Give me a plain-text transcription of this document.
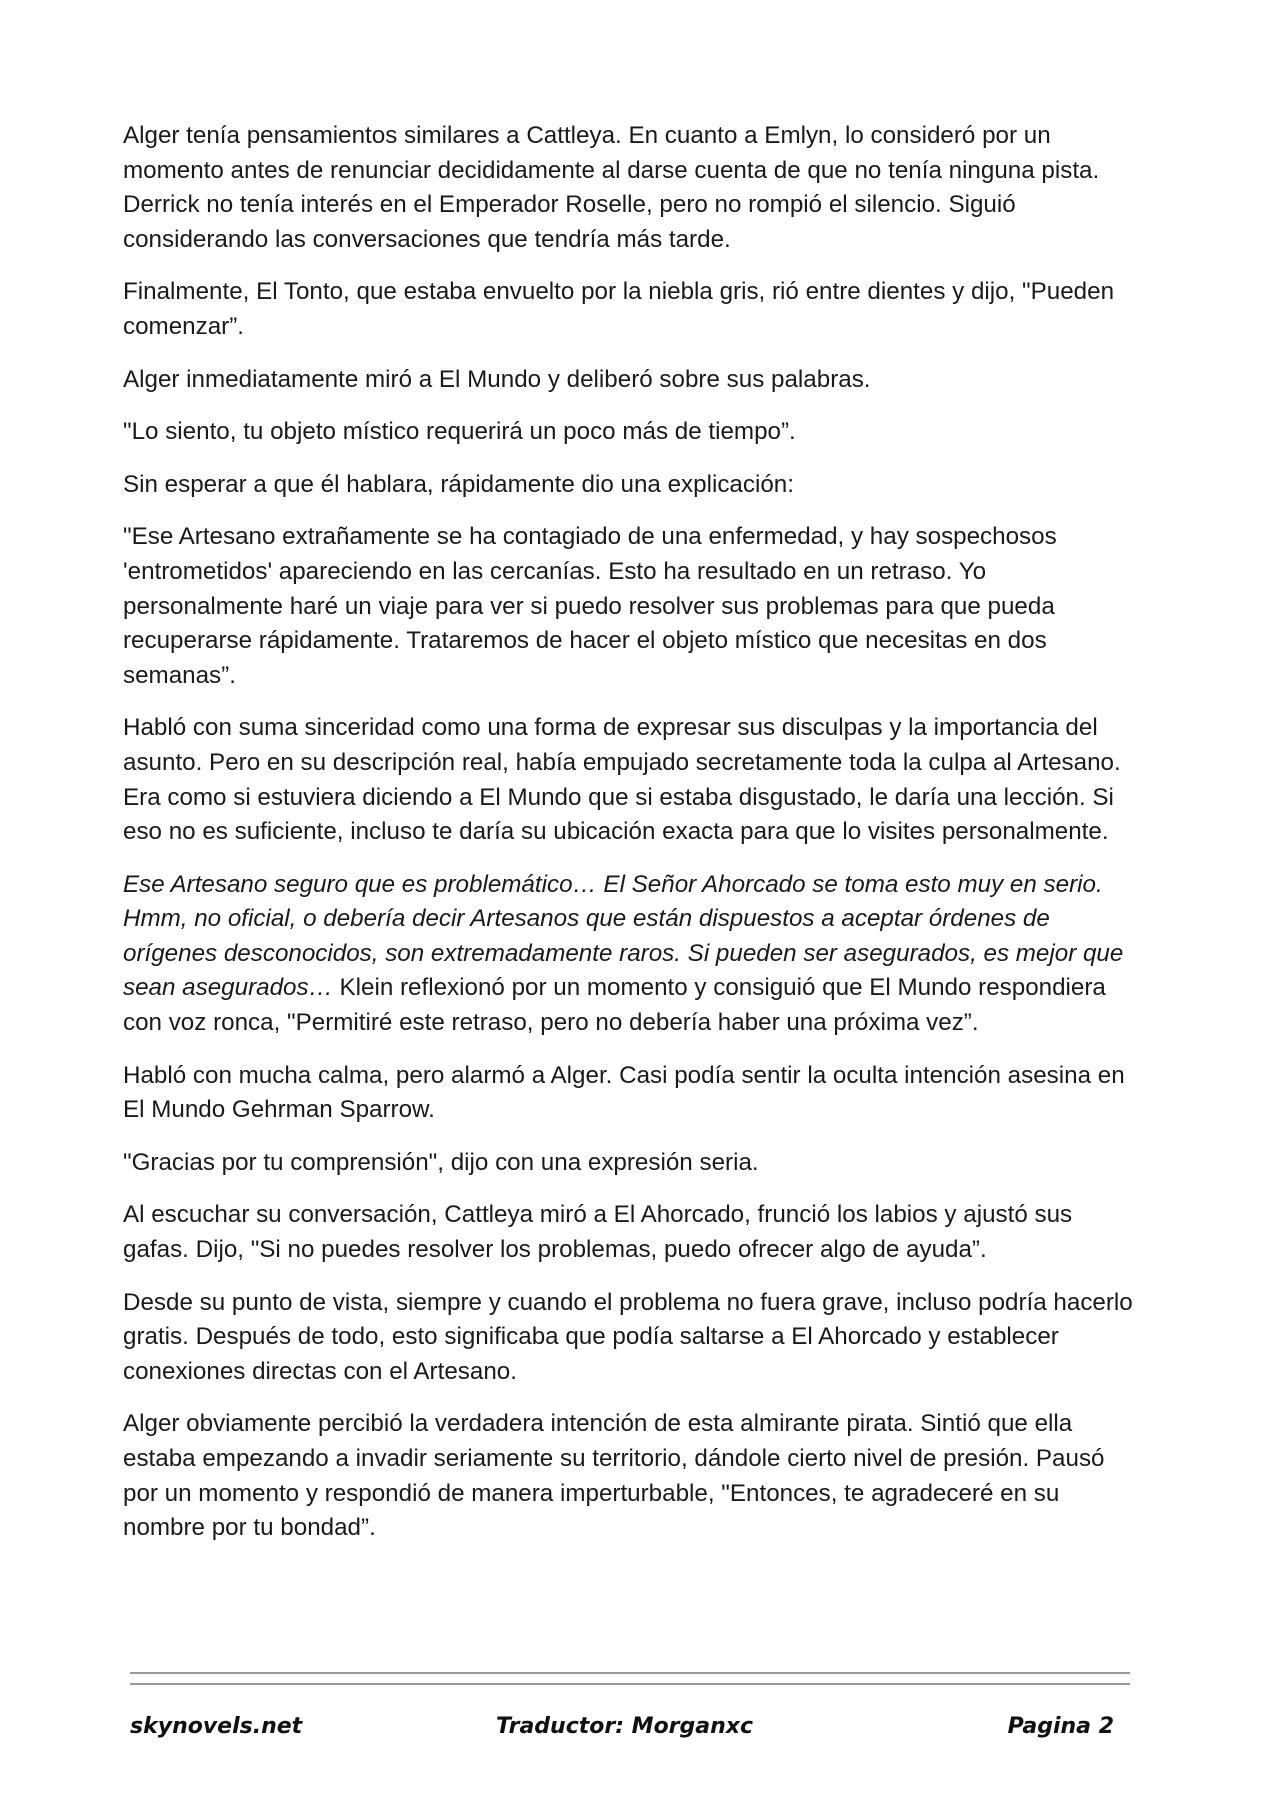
Alger tenía pensamientos similares a Cattleya. En cuanto a Emlyn, lo consideró por un momento antes de renunciar decididamente al darse cuenta de que no tenía ninguna pista. Derrick no tenía interés en el Emperador Roselle, pero no rompió el silencio. Siguió considerando las conversaciones que tendría más tarde.

Finalmente, El Tonto, que estaba envuelto por la niebla gris, rió entre dientes y dijo, "Pueden comenzar”.

Alger inmediatamente miró a El Mundo y deliberó sobre sus palabras.

"Lo siento, tu objeto místico requerirá un poco más de tiempo”.

Sin esperar a que él hablara, rápidamente dio una explicación:

"Ese Artesano extrañamente se ha contagiado de una enfermedad, y hay sospechosos 'entrometidos' apareciendo en las cercanías. Esto ha resultado en un retraso. Yo personalmente haré un viaje para ver si puedo resolver sus problemas para que pueda recuperarse rápidamente. Trataremos de hacer el objeto místico que necesitas en dos semanas”.

Habló con suma sinceridad como una forma de expresar sus disculpas y la importancia del asunto. Pero en su descripción real, había empujado secretamente toda la culpa al Artesano. Era como si estuviera diciendo a El Mundo que si estaba disgustado, le daría una lección. Si eso no es suficiente, incluso te daría su ubicación exacta para que lo visites personalmente.

Ese Artesano seguro que es problemático… El Señor Ahorcado se toma esto muy en serio. Hmm, no oficial, o debería decir Artesanos que están dispuestos a aceptar órdenes de orígenes desconocidos, son extremadamente raros. Si pueden ser asegurados, es mejor que sean asegurados… Klein reflexionó por un momento y consiguió que El Mundo respondiera con voz ronca, "Permitiré este retraso, pero no debería haber una próxima vez”.

Habló con mucha calma, pero alarmó a Alger. Casi podía sentir la oculta intención asesina en El Mundo Gehrman Sparrow.

"Gracias por tu comprensión", dijo con una expresión seria.

Al escuchar su conversación, Cattleya miró a El Ahorcado, frunció los labios y ajustó sus gafas. Dijo, "Si no puedes resolver los problemas, puedo ofrecer algo de ayuda”.

Desde su punto de vista, siempre y cuando el problema no fuera grave, incluso podría hacerlo gratis. Después de todo, esto significaba que podía saltarse a El Ahorcado y establecer conexiones directas con el Artesano.

Alger obviamente percibió la verdadera intención de esta almirante pirata. Sintió que ella estaba empezando a invadir seriamente su territorio, dándole cierto nivel de presión. Pausó por un momento y respondió de manera imperturbable, "Entonces, te agradeceré en su nombre por tu bondad”.

skynovels.net	Traductor: Morganxc	Pagina 2
